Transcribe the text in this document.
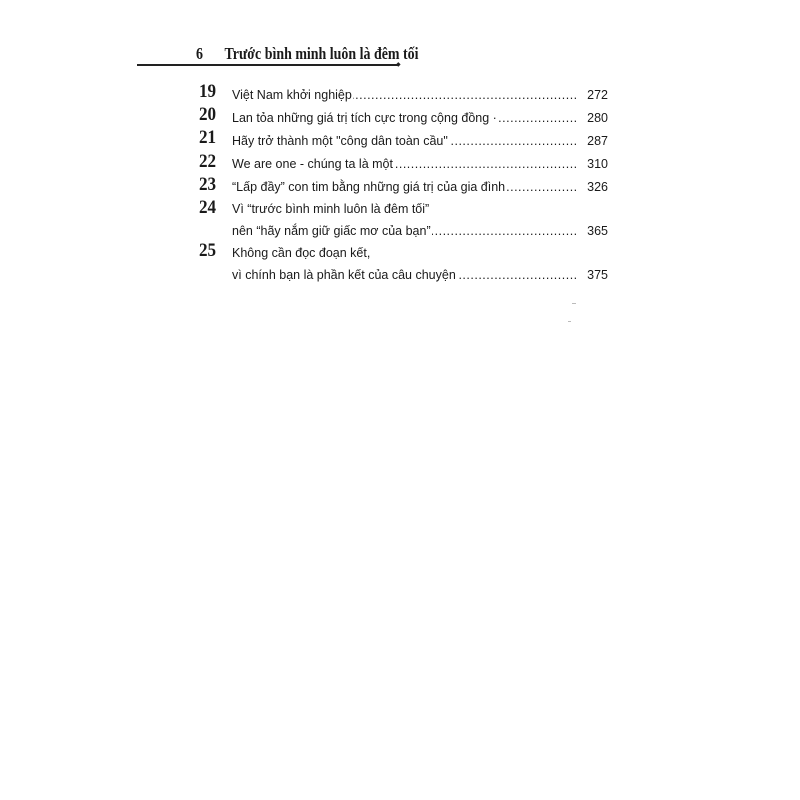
6 Trước bình minh luôn là đêm tối
◆
19 .....	Việt Nam khởi nghiệp	272
20 .....	Lan tỏa những giá trị tích cực trong cộng đồng ·	280
21 .....	Hãy trở thành một "công dân toàn cầu"	287
22 .....	We are one - chúng ta là một	310
23 .....	“Lấp đầy” con tim bằng những giá trị của gia đình	326
24	Vì “trước bình minh luôn là đêm tối”
.....
nên “hãy nắm giữ giấc mơ của bạn”	365
25	Không cần đọc đoạn kết,
.....
vì chính bạn là phần kết của câu chuyện	375
